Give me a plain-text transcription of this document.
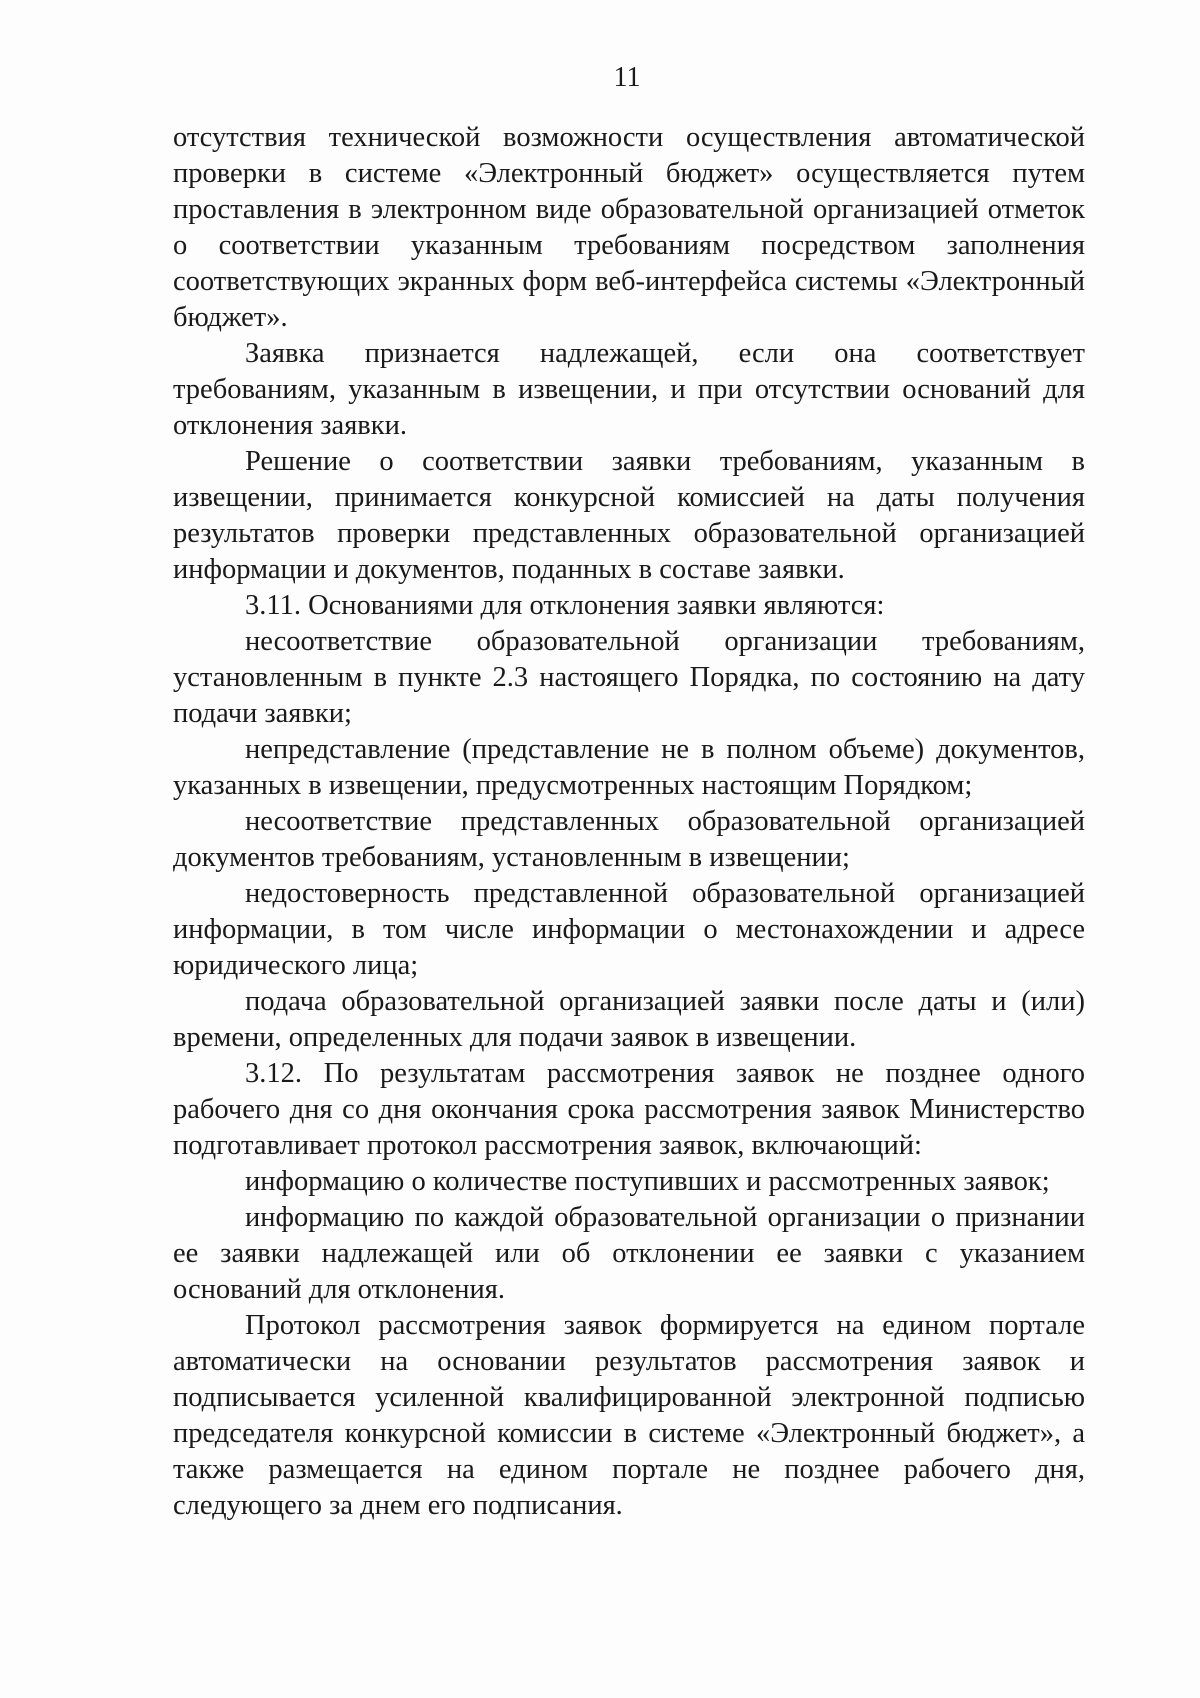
11

отсутствия технической возможности осуществления автоматической проверки в системе «Электронный бюджет» осуществляется путем проставления в электронном виде образовательной организацией отметок о соответствии указанным требованиям посредством заполнения соответствующих экранных форм веб-интерфейса системы «Электронный бюджет».

Заявка признается надлежащей, если она соответствует требованиям, указанным в извещении, и при отсутствии оснований для отклонения заявки.

Решение о соответствии заявки требованиям, указанным в извещении, принимается конкурсной комиссией на даты получения результатов проверки представленных образовательной организацией информации и документов, поданных в составе заявки.

3.11. Основаниями для отклонения заявки являются:

несоответствие образовательной организации требованиям, установленным в пункте 2.3 настоящего Порядка, по состоянию на дату подачи заявки;

непредставление (представление не в полном объеме) документов, указанных в извещении, предусмотренных настоящим Порядком;

несоответствие представленных образовательной организацией документов требованиям, установленным в извещении;

недостоверность представленной образовательной организацией информации, в том числе информации о местонахождении и адресе юридического лица;

подача образовательной организацией заявки после даты и (или) времени, определенных для подачи заявок в извещении.

3.12. По результатам рассмотрения заявок не позднее одного рабочего дня со дня окончания срока рассмотрения заявок Министерство подготавливает протокол рассмотрения заявок, включающий:

информацию о количестве поступивших и рассмотренных заявок;

информацию по каждой образовательной организации о признании ее заявки надлежащей или об отклонении ее заявки с указанием оснований для отклонения.

Протокол рассмотрения заявок формируется на едином портале автоматически на основании результатов рассмотрения заявок и подписывается усиленной квалифицированной электронной подписью председателя конкурсной комиссии в системе «Электронный бюджет», а также размещается на едином портале не позднее рабочего дня, следующего за днем его подписания.
